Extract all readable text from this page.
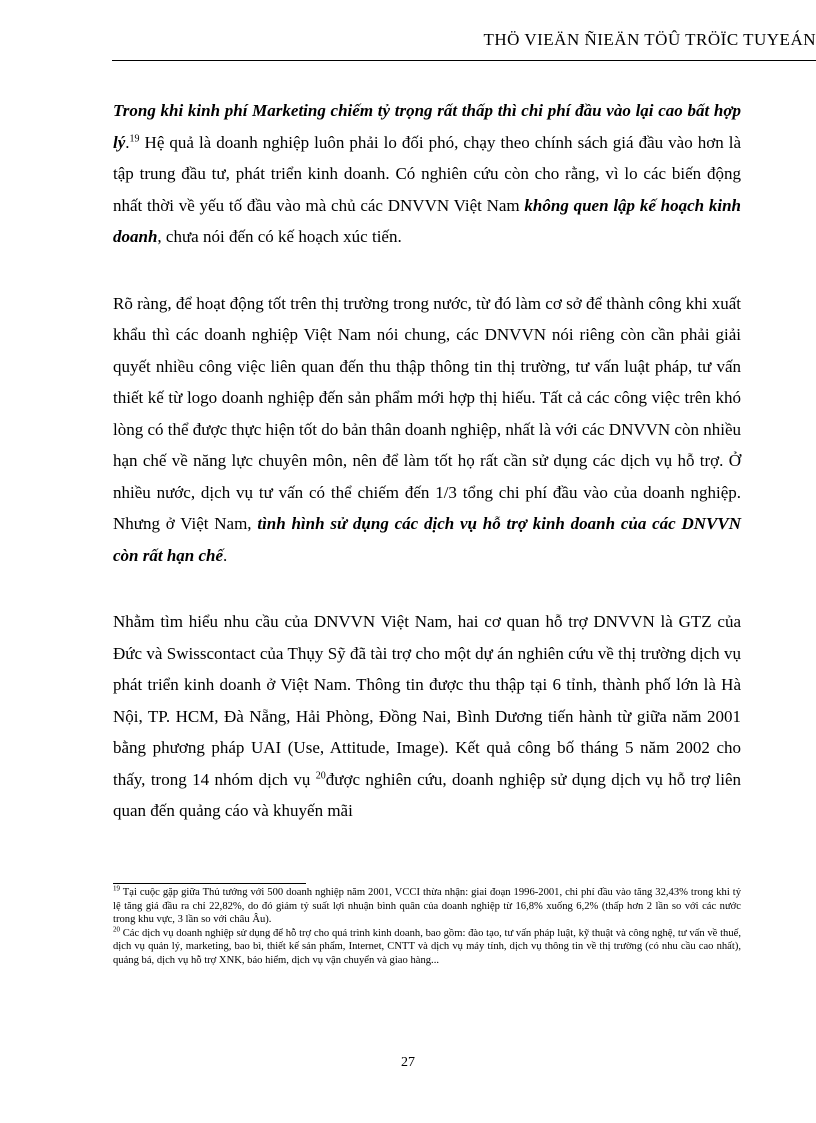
THÖ VIEÄN ÑIEÄN TÖÛ TRÖÏC TUYEÁN

Trong khi kinh phí Marketing chiếm tỷ trọng rất thấp thì chi phí đầu vào lại cao bất hợp lý.$^{19}$ Hệ quả là doanh nghiệp luôn phải lo đối phó, chạy theo chính sách giá đầu vào hơn là tập trung đầu tư, phát triển kinh doanh. Có nghiên cứu còn cho rằng, vì lo các biến động nhất thời về yếu tố đầu vào mà chủ các DNVVN Việt Nam không quen lập kế hoạch kinh doanh, chưa nói đến có kế hoạch xúc tiến.

Rõ ràng, để hoạt động tốt trên thị trường trong nước, từ đó làm cơ sở để thành công khi xuất khẩu thì các doanh nghiệp Việt Nam nói chung, các DNVVN nói riêng còn cần phải giải quyết nhiều công việc liên quan đến thu thập thông tin thị trường, tư vấn luật pháp, tư vấn thiết kế từ logo doanh nghiệp đến sản phẩm mới hợp thị hiếu. Tất cả các công việc trên khó lòng có thể được thực hiện tốt do bản thân doanh nghiệp, nhất là với các DNVVN còn nhiều hạn chế về năng lực chuyên môn, nên để làm tốt họ rất cần sử dụng các dịch vụ hỗ trợ. Ở nhiều nước, dịch vụ tư vấn có thể chiếm đến 1/3 tổng chi phí đầu vào của doanh nghiệp. Nhưng ở Việt Nam, tình hình sử dụng các dịch vụ hỗ trợ kinh doanh của các DNVVN còn rất hạn chế.

Nhằm tìm hiểu nhu cầu của DNVVN Việt Nam, hai cơ quan hỗ trợ DNVVN là GTZ của Đức và Swisscontact của Thụy Sỹ đã tài trợ cho một dự án nghiên cứu về thị trường dịch vụ phát triển kinh doanh ở Việt Nam. Thông tin được thu thập tại 6 tỉnh, thành phố lớn là Hà Nội, TP. HCM, Đà Nẵng, Hải Phòng, Đồng Nai, Bình Dương tiến hành từ giữa năm 2001 bằng phương pháp UAI (Use, Attitude, Image). Kết quả công bố tháng 5 năm 2002 cho thấy, trong 14 nhóm dịch vụ $^{20}$được nghiên cứu, doanh nghiệp sử dụng dịch vụ hỗ trợ liên quan đến quảng cáo và khuyến mãi

$^{19}$ Tại cuộc gặp giữa Thủ tướng với 500 doanh nghiệp năm 2001, VCCI thừa nhận: giai đoạn 1996-2001, chi phí đầu vào tăng 32,43% trong khi tỷ lệ tăng giá đầu ra chỉ 22,82%, do đó giảm tỷ suất lợi nhuận bình quân của doanh nghiệp từ 16,8% xuống 6,2% (thấp hơn 2 lần so với các nước trong khu vực, 3 lần so với châu Âu).

$^{20}$ Các dịch vụ doanh nghiệp sử dụng để hỗ trợ cho quá trình kinh doanh, bao gồm: đào tạo, tư vấn pháp luật, kỹ thuật và công nghệ, tư vấn về thuế, dịch vụ quản lý, marketing, bao bì, thiết kế sản phẩm, Internet, CNTT và dịch vụ máy tính, dịch vụ thông tin về thị trường (có nhu cầu cao nhất), quảng bá, dịch vụ hỗ trợ XNK, bảo hiểm, dịch vụ vận chuyển và giao hàng...

27
